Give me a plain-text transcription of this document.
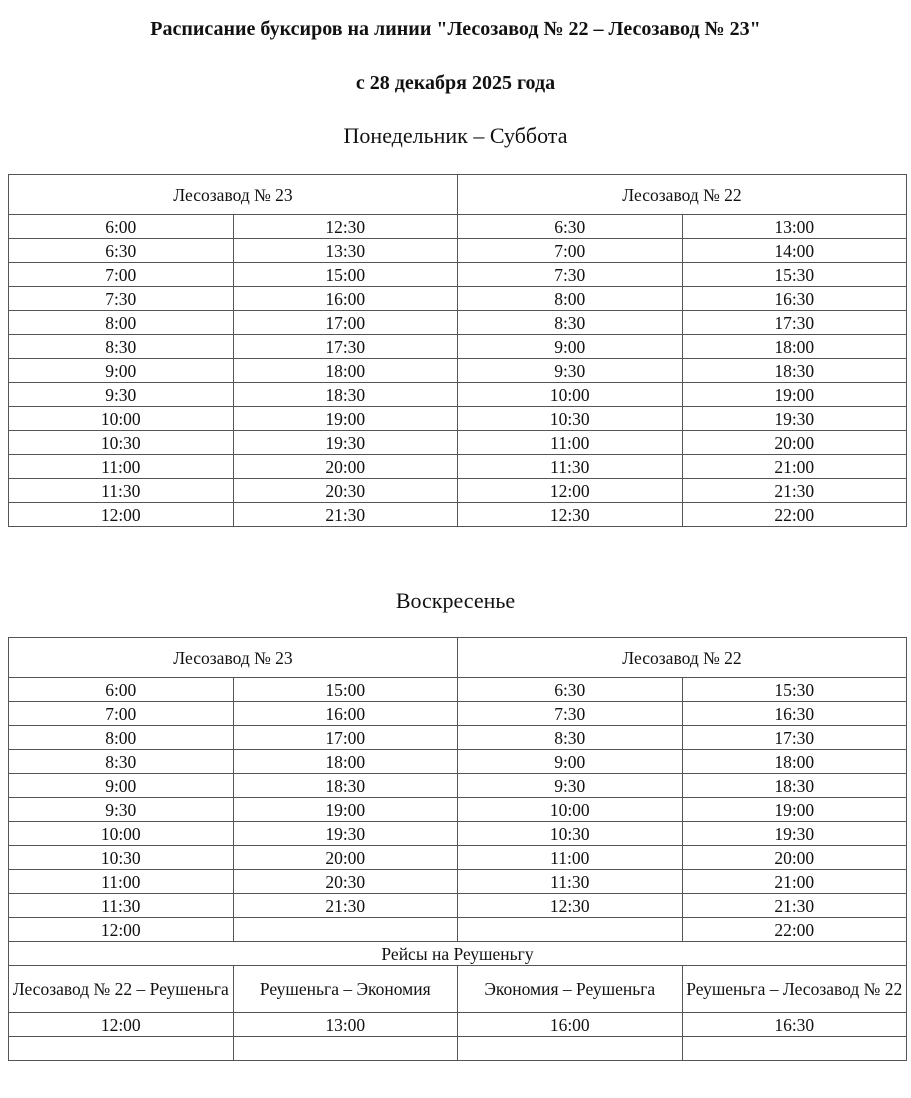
Расписание буксиров на линии "Лесозавод № 22 – Лесозавод № 23"
с 28 декабря 2025 года
Понедельник – Суббота
Лесозавод № 23		Лесозавод № 22	
6:00	12:30	6:30	13:00
6:30	13:30	7:00	14:00
7:00	15:00	7:30	15:30
7:30	16:00	8:00	16:30
8:00	17:00	8:30	17:30
8:30	17:30	9:00	18:00
9:00	18:00	9:30	18:30
9:30	18:30	10:00	19:00
10:00	19:00	10:30	19:30
10:30	19:30	11:00	20:00
11:00	20:00	11:30	21:00
11:30	20:30	12:00	21:30
12:00	21:30	12:30	22:00
Воскресенье
Лесозавод № 23		Лесозавод № 22	
6:00	15:00	6:30	15:30
7:00	16:00	7:30	16:30
8:00	17:00	8:30	17:30
8:30	18:00	9:00	18:00
9:00	18:30	9:30	18:30
9:30	19:00	10:00	19:00
10:00	19:30	10:30	19:30
10:30	20:00	11:00	20:00
11:00	20:30	11:30	21:00
11:30	21:30	12:30	21:30
12:00			22:00
Рейсы на Реушеньгу			
Лесозавод № 22 – Реушеньга	Реушеньга – Экономия	Экономия – Реушеньга	Реушеньга – Лесозавод № 22
12:00	13:00	16:00	16:30
